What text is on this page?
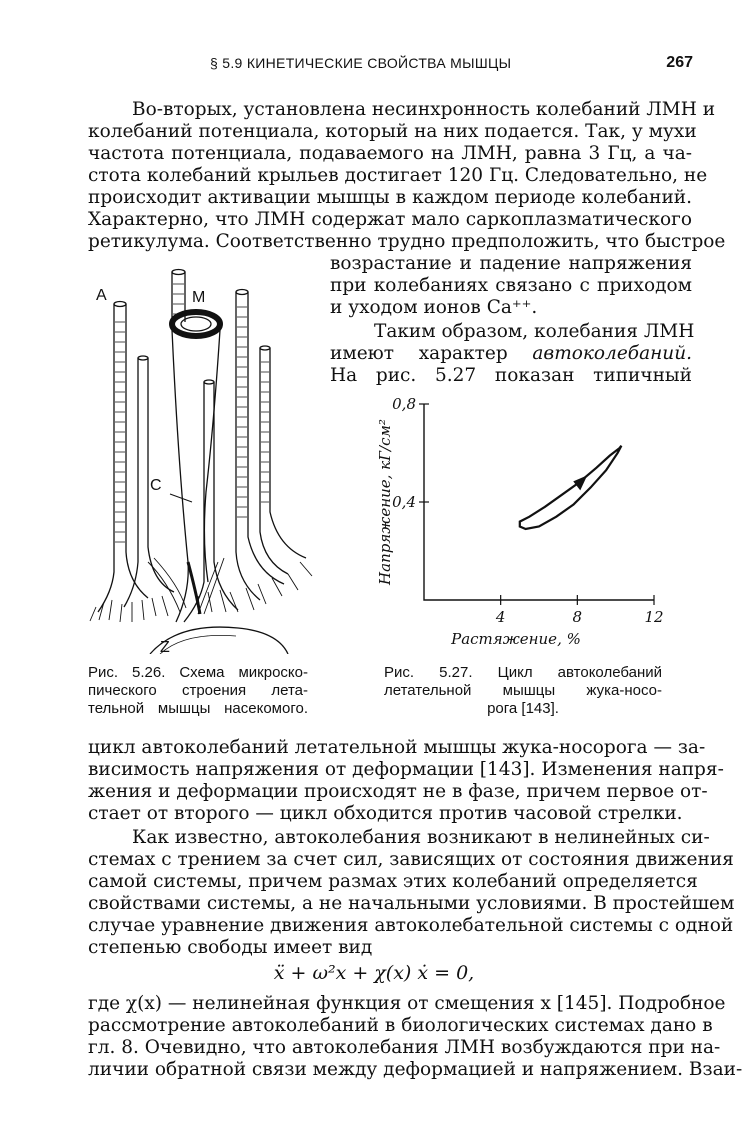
§ 5.9 КИНЕТИЧЕСКИЕ СВОЙСТВА МЫШЦЫ	267
Во-вторых, установлена несинхронность колебаний ЛМН и
колебаний потенциала, который на них подается. Так, у мухи
частота потенциала, подаваемого на ЛМН, равна 3 Гц, а ча-
стота колебаний крыльев достигает 120 Гц. Следовательно, не
происходит активации мышцы в каждом периоде колебаний.
Характерно, что ЛМН содержат мало саркоплазматического
ретикулума. Соответственно трудно предположить, что быстрое
возрастание и падение напряжения
при колебаниях связано с приходом
и уходом ионов Ca⁺⁺.
Таким образом, колебания ЛМН
имеют характер автоколебаний.
На рис. 5.27 показан типичный
A	M
C
Z
4	8	12
0,4
0,8
Растяжение, %
Напряжение, кГ/см²
Рис. 5.26. Схема микроско-
пического строения лета-
тельной мышцы насекомого.
Рис. 5.27. Цикл автоколебаний
летательной мышцы жука-носо-
рога [143].
цикл автоколебаний летательной мышцы жука-носорога — за-
висимость напряжения от деформации [143]. Изменения напря-
жения и деформации происходят не в фазе, причем первое от-
стает от второго — цикл обходится против часовой стрелки.
Как известно, автоколебания возникают в нелинейных си-
стемах с трением за счет сил, зависящих от состояния движения
самой системы, причем размах этих колебаний определяется
свойствами системы, а не начальными условиями. В простейшем
случае уравнение движения автоколебательной системы с одной
степенью свободы имеет вид
ẍ + ω²x + χ(x) ẋ = 0,
где χ(x) — нелинейная функция от смещения x [145]. Подробное
рассмотрение автоколебаний в биологических системах дано в
гл. 8. Очевидно, что автоколебания ЛМН возбуждаются при на-
личии обратной связи между деформацией и напряжением. Взаи-
